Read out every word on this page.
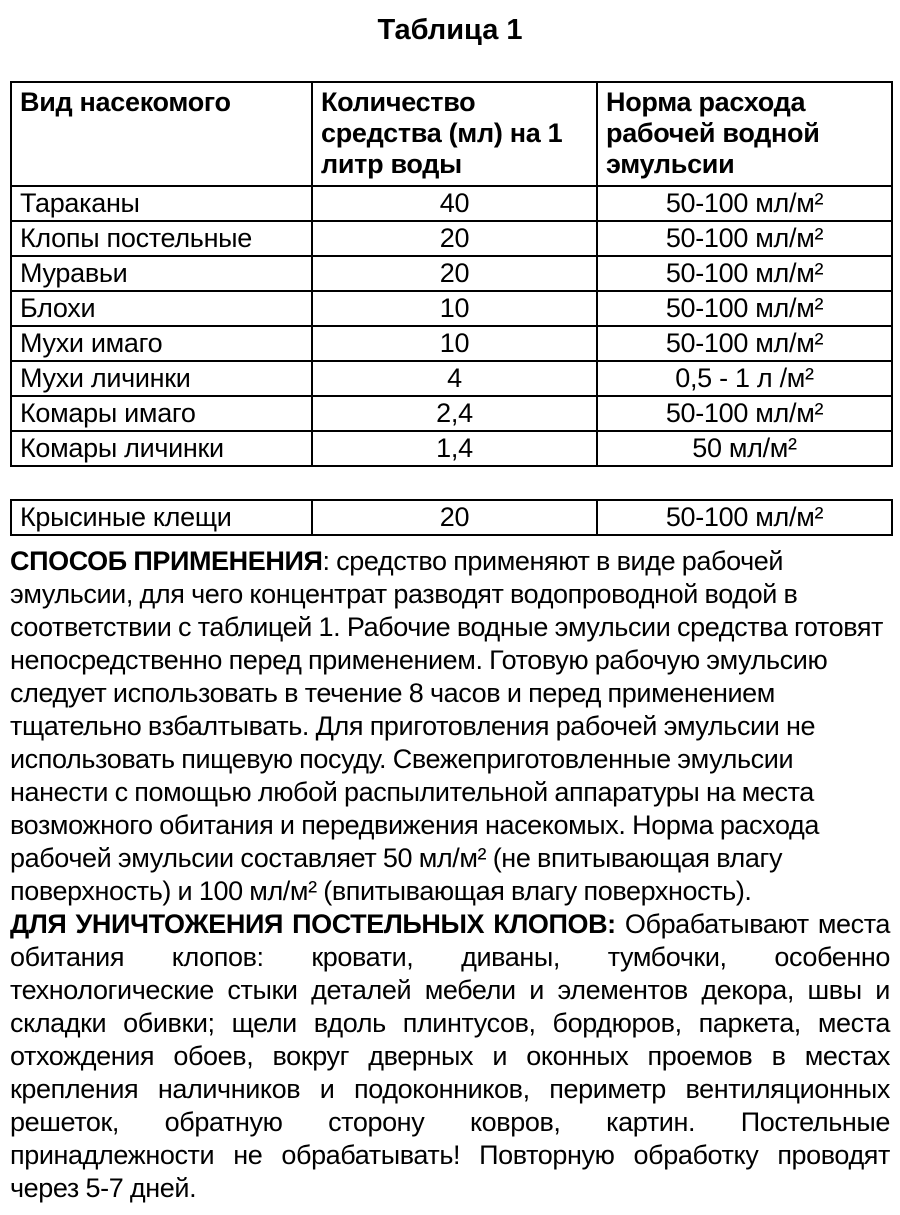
Таблица 1
Вид насекомого	Количество средства (мл) на 1 литр воды	Норма расхода рабочей водной эмульсии
Тараканы	40	50-100 мл/м²
Клопы постельные	20	50-100 мл/м²
Муравьи	20	50-100 мл/м²
Блохи	10	50-100 мл/м²
Мухи имаго	10	50-100 мл/м²
Мухи личинки	4	0,5 - 1 л /м²
Комары имаго	2,4	50-100 мл/м²
Комары личинки	1,4	50 мл/м²
Крысиные клещи	20	50-100 мл/м²

СПОСОБ ПРИМЕНЕНИЯ: средство применяют в виде рабочей эмульсии, для чего концентрат разводят водопроводной водой в соответствии с таблицей 1. Рабочие водные эмульсии средства готовят непосредственно перед применением. Готовую рабочую эмульсию следует использовать в течение 8 часов и перед применением тщательно взбалтывать. Для приготовления рабочей эмульсии не использовать пищевую посуду. Свежеприготовленные эмульсии нанести с помощью любой распылительной аппаратуры на места возможного обитания и передвижения насекомых. Норма расхода рабочей эмульсии составляет 50 мл/м² (не впитывающая влагу поверхность) и 100 мл/м² (впитывающая влагу поверхность).

ДЛЯ УНИЧТОЖЕНИЯ ПОСТЕЛЬНЫХ КЛОПОВ: Обрабатывают места обитания клопов: кровати, диваны, тумбочки, особенно технологические стыки деталей мебели и элементов декора, швы и складки обивки; щели вдоль плинтусов, бордюров, паркета, места отхождения обоев, вокруг дверных и оконных проемов в местах крепления наличников и подоконников, периметр вентиляционных решеток, обратную сторону ковров, картин. Постельные принадлежности не обрабатывать! Повторную обработку проводят через 5-7 дней.
